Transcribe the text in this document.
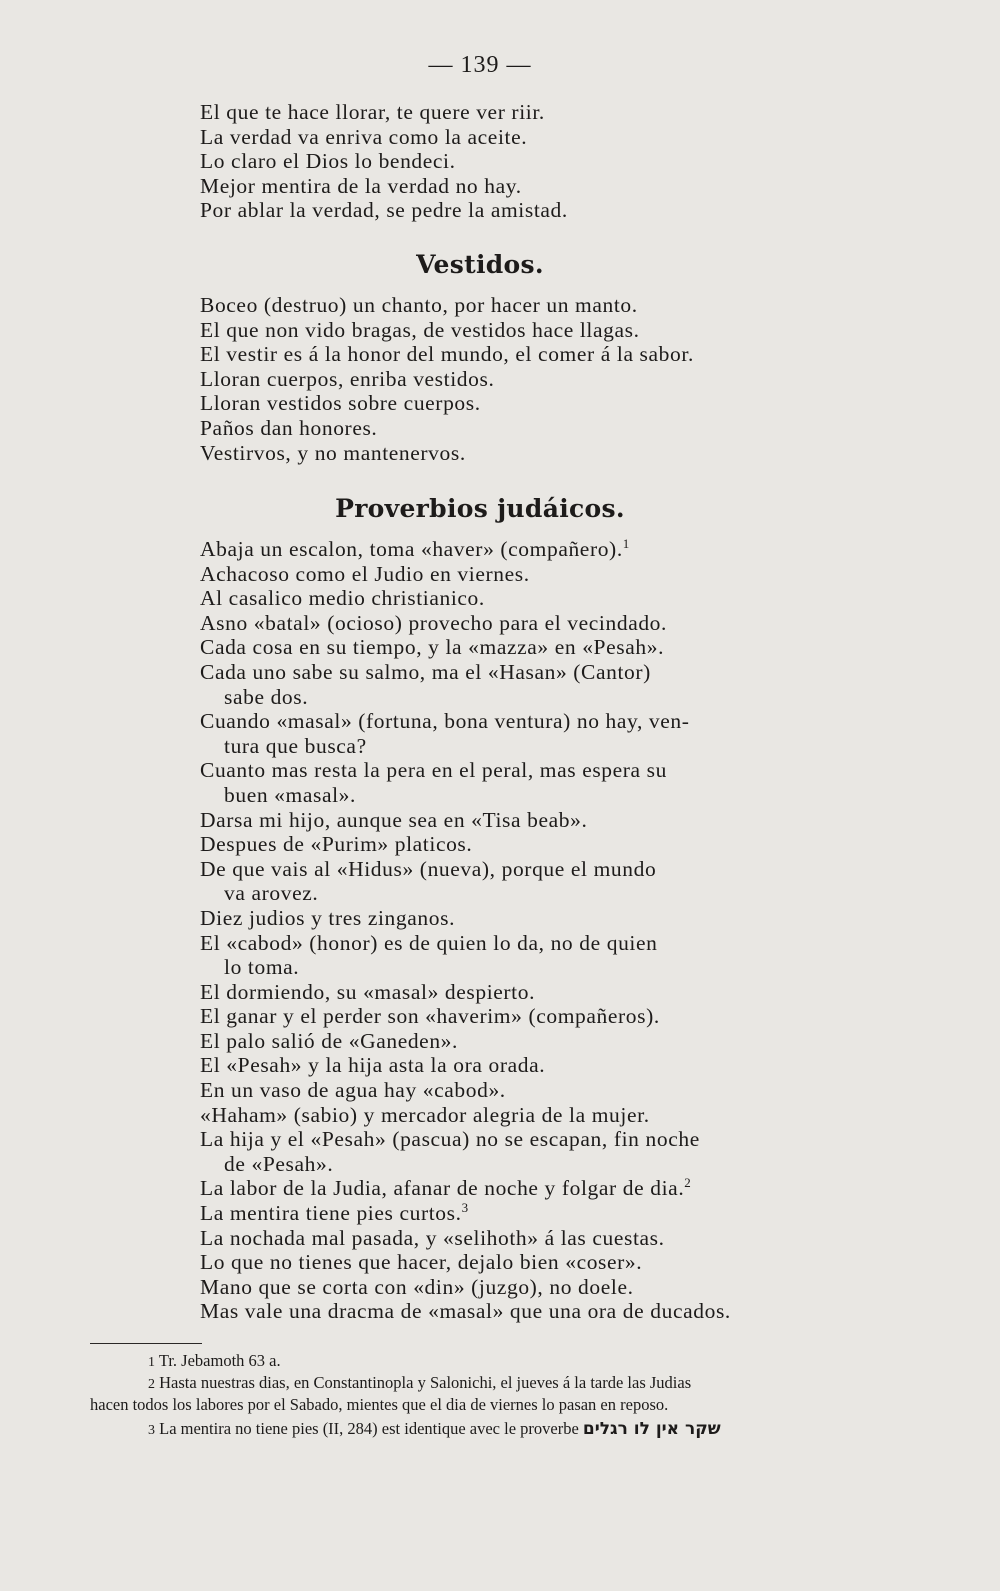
— 139 —
El que te hace llorar, te quere ver riir.
La verdad va enriva como la aceite.
Lo claro el Dios lo bendeci.
Mejor mentira de la verdad no hay.
Por ablar la verdad, se pedre la amistad.
Vestidos.
Boceo (destruo) un chanto, por hacer un manto.
El que non vido bragas, de vestidos hace llagas.
El vestir es á la honor del mundo, el comer á la sabor.
Lloran cuerpos, enriba vestidos.
Lloran vestidos sobre cuerpos.
Paños dan honores.
Vestirvos, y no mantenervos.
Proverbios judáicos.
Abaja un escalon, toma «haver» (compañero).$^1$
Achacoso como el Judio en viernes.
Al casalico medio christianico.
Asno «batal» (ocioso) provecho para el vecindado.
Cada cosa en su tiempo, y la «mazza» en «Pesah».
Cada uno sabe su salmo, ma el «Hasan» (Cantor)
sabe dos.
Cuando «masal» (fortuna, bona ventura) no hay, ven-
tura que busca?
Cuanto mas resta la pera en el peral, mas espera su
buen «masal».
Darsa mi hijo, aunque sea en «Tisa beab».
Despues de «Purim» platicos.
De que vais al «Hidus» (nueva), porque el mundo
va arovez.
Diez judios y tres zinganos.
El «cabod» (honor) es de quien lo da, no de quien
lo toma.
El dormiendo, su «masal» despierto.
El ganar y el perder son «haverim» (compañeros).
El palo salió de «Ganeden».
El «Pesah» y la hija asta la ora orada.
En un vaso de agua hay «cabod».
«Haham» (sabio) y mercador alegria de la mujer.
La hija y el «Pesah» (pascua) no se escapan, fin noche
de «Pesah».
La labor de la Judia, afanar de noche y folgar de dia.$^2$
La mentira tiene pies curtos.$^3$
La nochada mal pasada, y «selihoth» á las cuestas.
Lo que no tienes que hacer, dejalo bien «coser».
Mano que se corta con «din» (juzgo), no doele.
Mas vale una dracma de «masal» que una ora de ducados.
1 Tr. Jebamoth 63 a.
2 Hasta nuestras dias, en Constantinopla y Salonichi, el jueves á la tarde las Judias
hacen todos los labores por el Sabado, mientes que el dia de viernes lo pasan en reposo.
3 La mentira no tiene pies (II, 284) est identique avec le proverbe שקר אין לו רגלים
